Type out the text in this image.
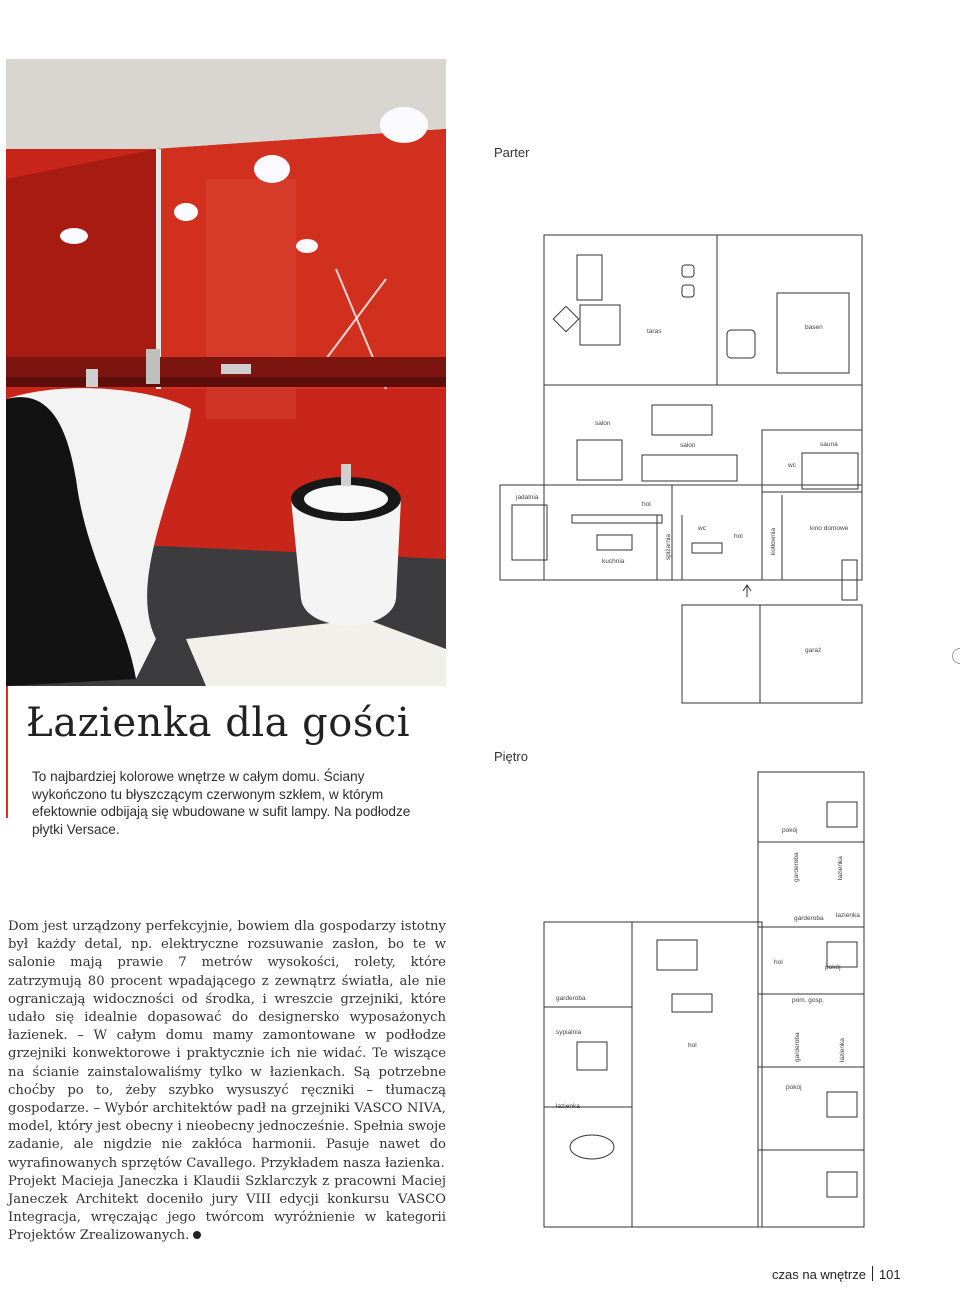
Łazienka dla gości
To najbardziej kolorowe wnętrze w całym domu. Ściany wykończono tu błyszczącym czerwonym szkłem, w którym efektownie odbijają się wbudowane w sufit lampy. Na podłodze płytki Versace.

Dom jest urządzony perfekcyjnie, bowiem dla gospodarzy istotny był każdy detal, np. elektryczne rozsuwanie zasłon, bo te w salonie mają prawie 7 metrów wysokości, rolety, które zatrzymują 80 procent wpadającego z zewnątrz światła, ale nie ograniczają widoczności od środka, i wreszcie grzejniki, które udało się idealnie dopasować do designersko wyposażonych łazienek. – W całym domu mamy zamontowane w podłodze grzejniki konwektorowe i praktycznie ich nie widać. Te wiszące na ścianie zainstalowaliśmy tylko w łazienkach. Są potrzebne choćby po to, żeby szybko wysuszyć ręczniki – tłumaczą gospodarze. – Wybór architektów padł na grzejniki VASCO NIVA, model, który jest obecny i nieobecny jednocześnie. Spełnia swoje zadanie, ale nigdzie nie zakłóca harmonii. Pasuje nawet do wyrafinowanych sprzętów Cavallego. Przykładem nasza łazienka.

Projekt Macieja Janeczka i Klaudii Szklarczyk z pracowni Maciej Janeczek Architekt doceniło jury VIII edycji konkursu VASCO Integracja, wręczając jego twórcom wyróżnienie w kategorii Projektów Zrealizowanych.

Parter
taras
basen
salon
salon	sauna
wc
jadalnia
hol
wc
hol
kino domowe
kuchnia
spiżarnia	kotłownia
garaż
Piętro
pokój
garderoba	łazienka
garderoba łazienka
hol
pokój
pom. gosp.
garderoba
sypialnia
hol	garderoba	łazienka
pokój
łazienka
czas na wnętrze 101
